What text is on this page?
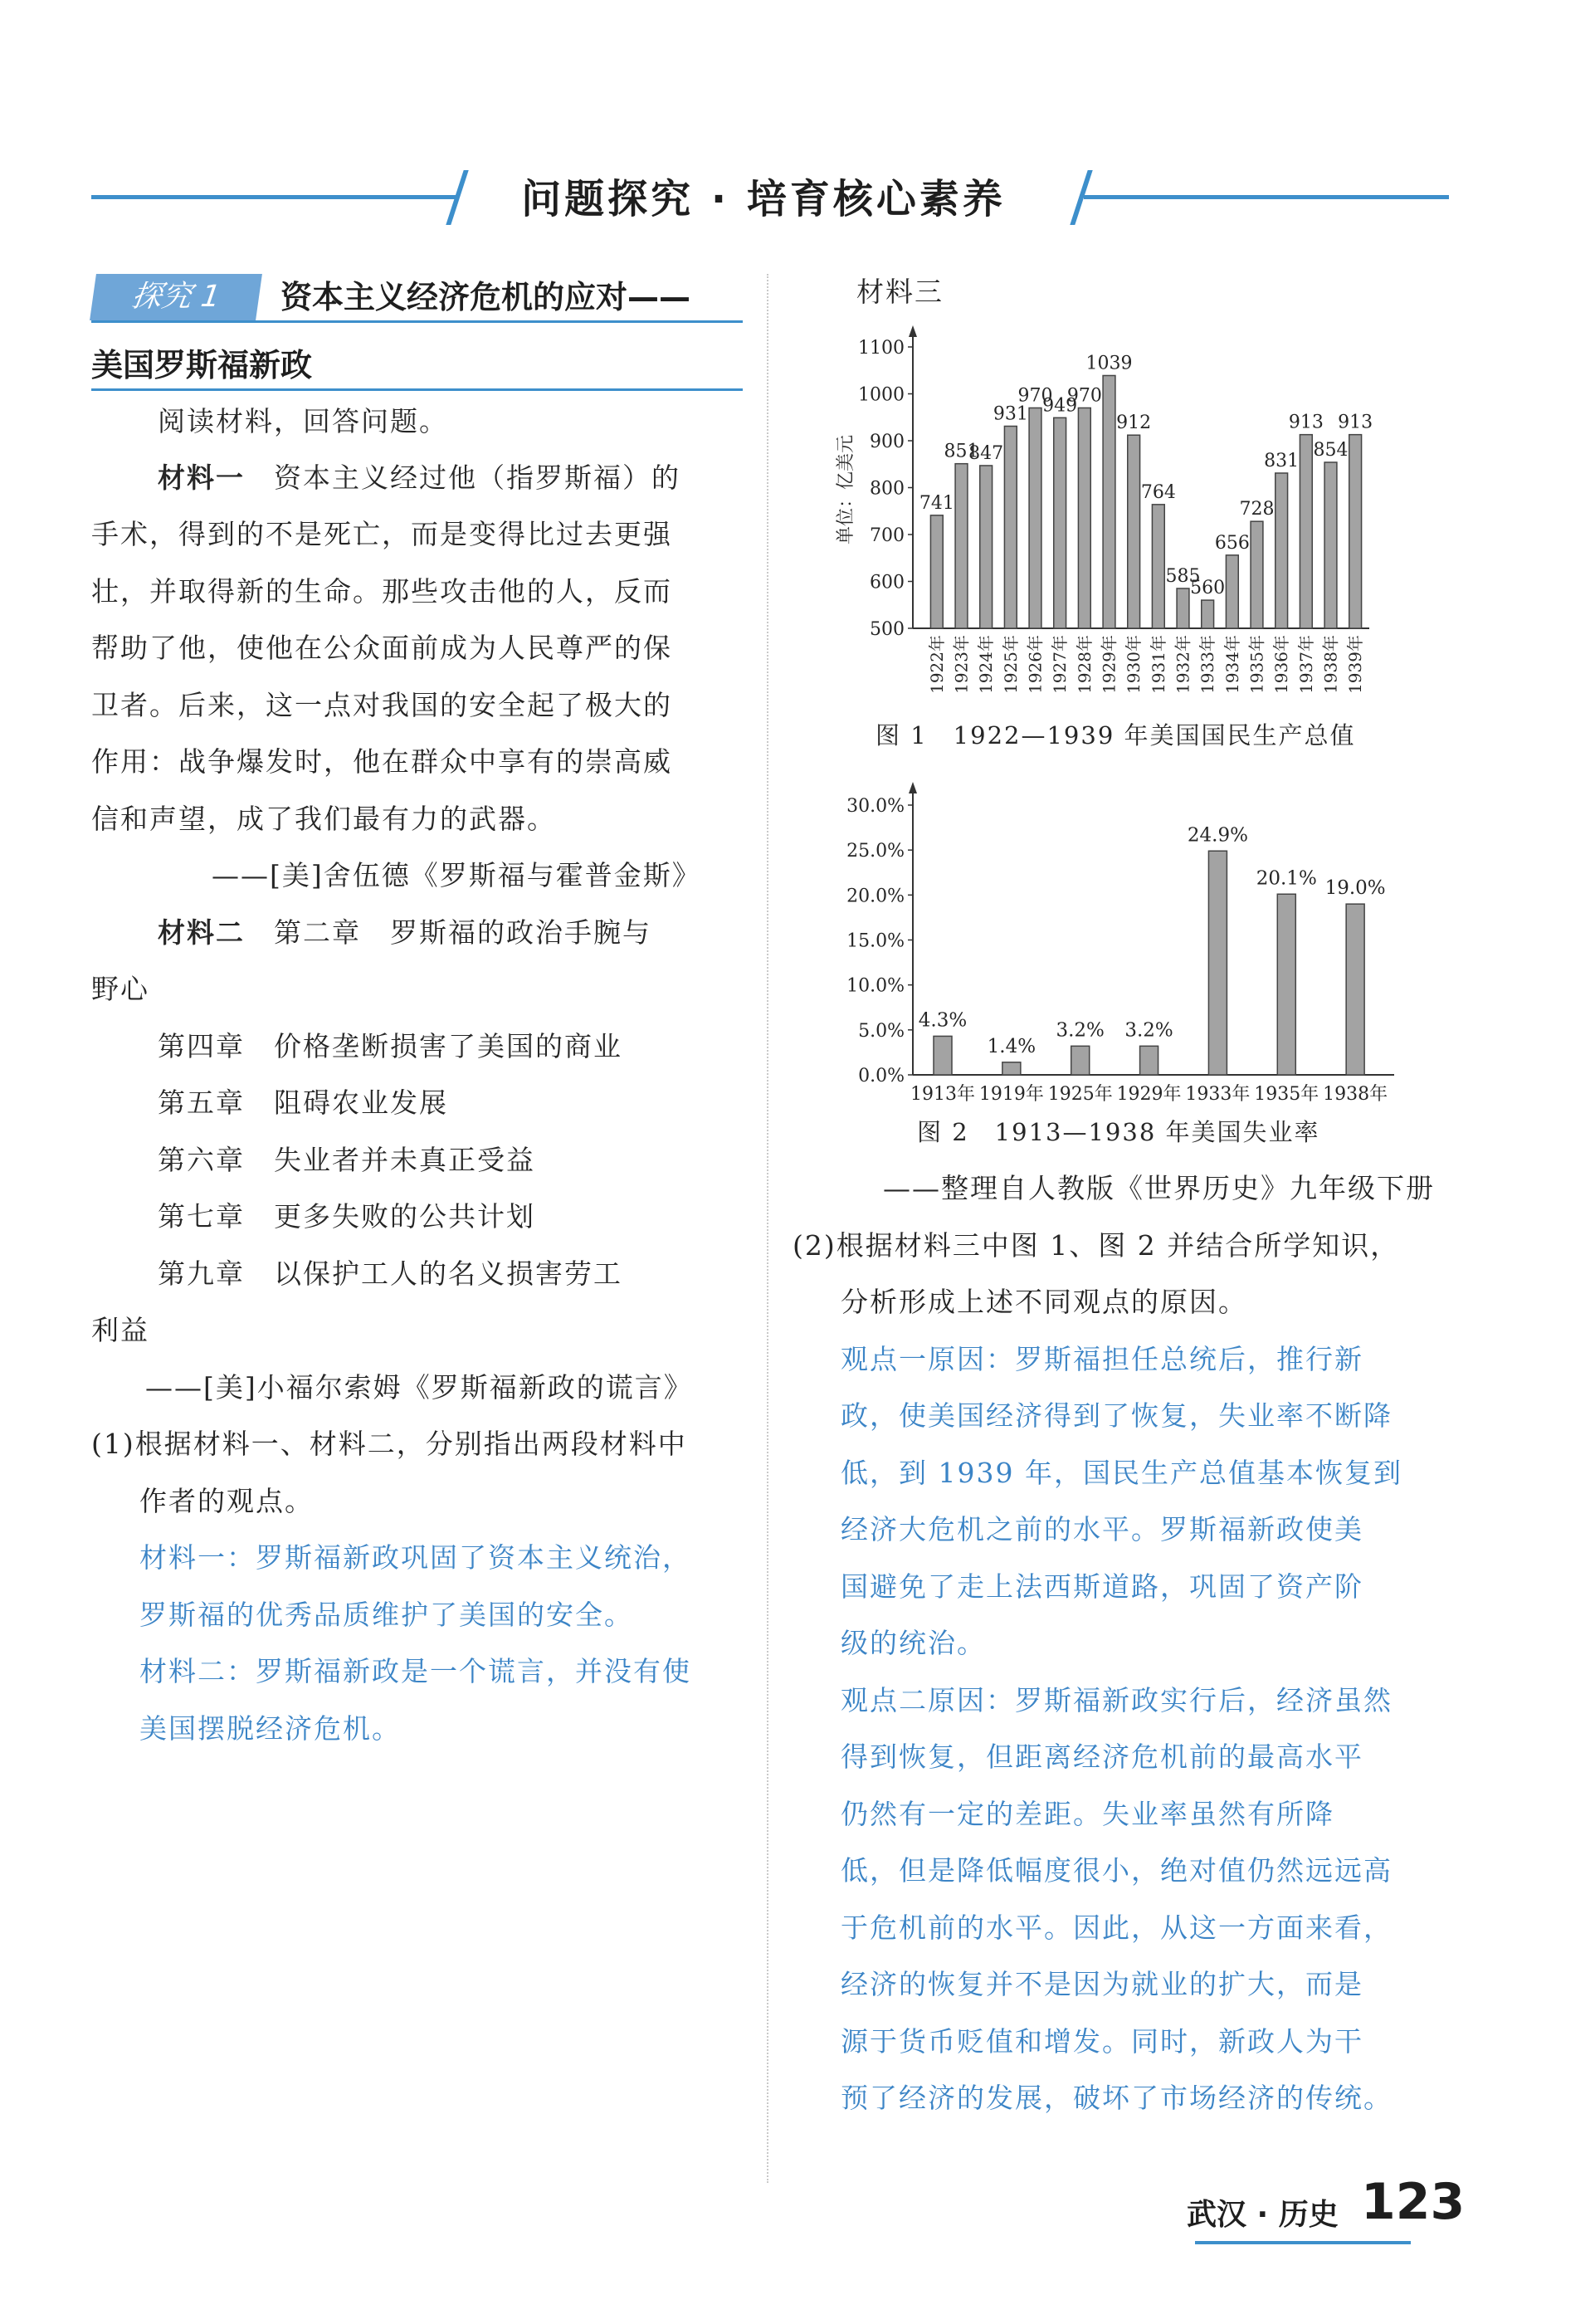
问题探究 · 培育核心素养
探究 1	资本主义经济危机的应对——
美国罗斯福新政
阅读材料，回答问题。
材料一　 资本主义经过他（指罗斯福）的
手术，得到的不是死亡，而是变得比过去更强
壮，并取得新的生命。那些攻击他的人，反而
帮助了他，使他在公众面前成为人民尊严的保
卫者。后来，这一点对我国的安全起了极大的
作用：战争爆发时，他在群众中享有的崇高威
信和声望，成了我们最有力的武器。
——[美]舍伍德《罗斯福与霍普金斯》
材料二　 第二章　罗斯福的政治手腕与
野心
第四章　价格垄断损害了美国的商业
第五章　阻碍农业发展
第六章　失业者并未真正受益
第七章　更多失败的公共计划
第九章　以保护工人的名义损害劳工
利益
——[美]小福尔索姆《罗斯福新政的谎言》
(1)根据材料一、材料二，分别指出两段材料中
作者的观点。
材料一：罗斯福新政巩固了资本主义统治，
罗斯福的优秀品质维护了美国的安全。
材料二：罗斯福新政是一个谎言，并没有使
美国摆脱经济危机。
材料三
500
600
700
800
900
1000
1100
单位：亿美元	741
1922年
851
1923年
847
1924年
931
1925年
970
1926年
949
1927年
970
1928年
1039
1929年
912
1930年
764
1931年
585
1932年
560
1933年
656
1934年
728
1935年
831
1936年
913
1937年
854
1938年
913
1939年
图 1　1922—1939 年美国国民生产总值
0.0%
5.0%
10.0%
15.0%
20.0%
25.0%
30.0%
4.3%
1913年
1.4%
1919年
3.2%
1925年
3.2%
1929年
24.9%
1933年
20.1%
1935年
19.0%
1938年
图 2　1913—1938 年美国失业率
——整理自人教版《世界历史》九年级下册
(2)根据材料三中图 1、图 2 并结合所学知识，
分析形成上述不同观点的原因。
观点一原因：罗斯福担任总统后，推行新
政，使美国经济得到了恢复，失业率不断降
低，到 1939 年，国民生产总值基本恢复到
经济大危机之前的水平。罗斯福新政使美
国避免了走上法西斯道路，巩固了资产阶
级的统治。
观点二原因：罗斯福新政实行后，经济虽然
得到恢复，但距离经济危机前的最高水平
仍然有一定的差距。失业率虽然有所降
低，但是降低幅度很小，绝对值仍然远远高
于危机前的水平。因此，从这一方面来看，
经济的恢复并不是因为就业的扩大，而是
源于货币贬值和增发。同时，新政人为干
预了经济的发展，破坏了市场经济的传统。
武汉 · 历史 123
